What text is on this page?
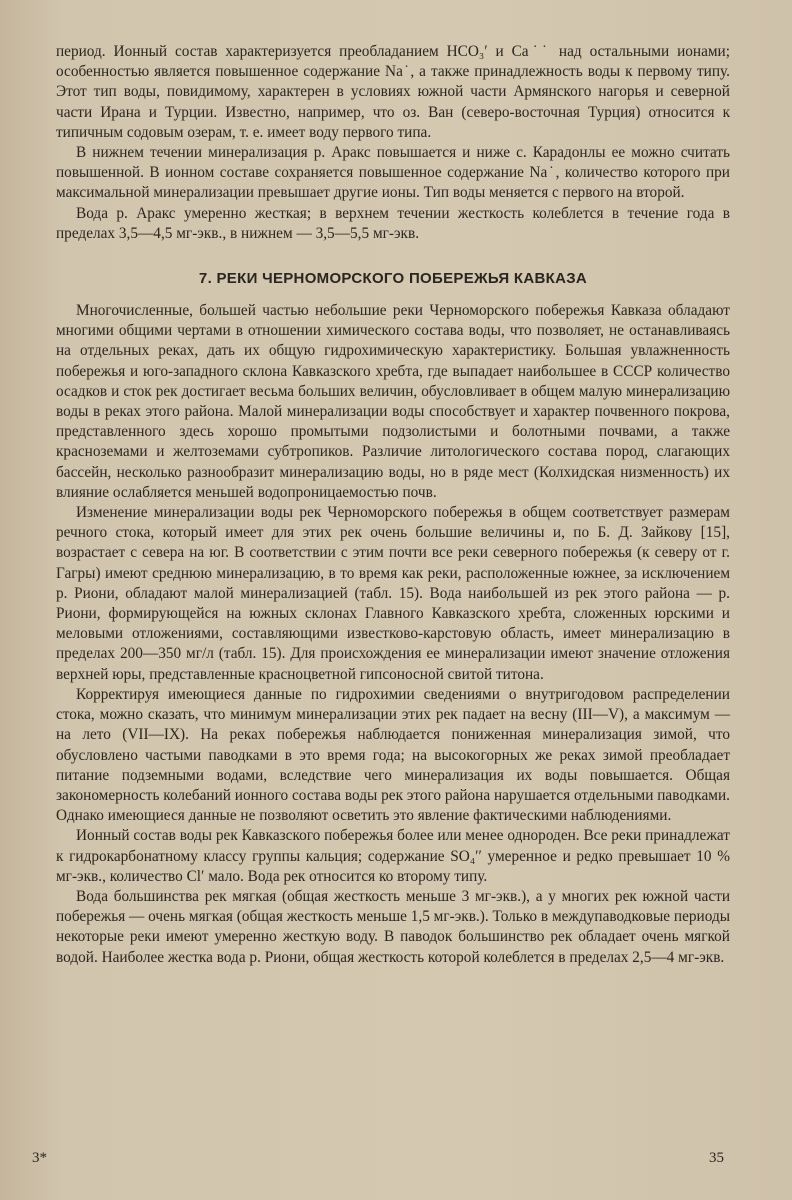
период. Ионный состав характеризуется преобладанием HCO₃′ и Ca˙˙ над остальными ионами; особенностью является повышенное содержание Na˙, а также принадлежность воды к первому типу. Этот тип воды, повидимому, характерен в условиях южной части Армянского нагорья и северной части Ирана и Турции. Известно, например, что оз. Ван (северо-восточная Турция) относится к типичным содовым озерам, т. е. имеет воду первого типа.

В нижнем течении минерализация р. Аракс повышается и ниже с. Карадонлы ее можно считать повышенной. В ионном составе сохраняется повышенное содержание Na˙, количество которого при максимальной минерализации превышает другие ионы. Тип воды меняется с первого на второй.

Вода р. Аракс умеренно жесткая; в верхнем течении жесткость колеблется в течение года в пределах 3,5—4,5 мг-экв., в нижнем — 3,5—5,5 мг-экв.

7. РЕКИ ЧЕРНОМОРСКОГО ПОБЕРЕЖЬЯ КАВКАЗА

Многочисленные, большей частью небольшие реки Черноморского побережья Кавказа обладают многими общими чертами в отношении химического состава воды, что позволяет, не останавливаясь на отдельных реках, дать их общую гидрохимическую характеристику. Большая увлажненность побережья и юго-западного склона Кавказского хребта, где выпадает наибольшее в СССР количество осадков и сток рек достигает весьма больших величин, обусловливает в общем малую минерализацию воды в реках этого района. Малой минерализации воды способствует и характер почвенного покрова, представленного здесь хорошо промытыми подзолистыми и болотными почвами, а также красноземами и желтоземами субтропиков. Различие литологического состава пород, слагающих бассейн, несколько разнообразит минерализацию воды, но в ряде мест (Колхидская низменность) их влияние ослабляется меньшей водопроницаемостью почв.

Изменение минерализации воды рек Черноморского побережья в общем соответствует размерам речного стока, который имеет для этих рек очень большие величины и, по Б. Д. Зайкову [15], возрастает с севера на юг. В соответствии с этим почти все реки северного побережья (к северу от г. Гагры) имеют среднюю минерализацию, в то время как реки, расположенные южнее, за исключением р. Риони, обладают малой минерализацией (табл. 15). Вода наибольшей из рек этого района — р. Риони, формирующейся на южных склонах Главного Кавказского хребта, сложенных юрскими и меловыми отложениями, составляющими известково-карстовую область, имеет минерализацию в пределах 200—350 мг/л (табл. 15). Для происхождения ее минерализации имеют значение отложения верхней юры, представленные красноцветной гипсоносной свитой титона.

Корректируя имеющиеся данные по гидрохимии сведениями о внутригодовом распределении стока, можно сказать, что минимум минерализации этих рек падает на весну (III—V), а максимум — на лето (VII—IX). На реках побережья наблюдается пониженная минерализация зимой, что обусловлено частыми паводками в это время года; на высокогорных же реках зимой преобладает питание подземными водами, вследствие чего минерализация их воды повышается. Общая закономерность колебаний ионного состава воды рек этого района нарушается отдельными паводками. Однако имеющиеся данные не позволяют осветить это явление фактическими наблюдениями.

Ионный состав воды рек Кавказского побережья более или менее однороден. Все реки принадлежат к гидрокарбонатному классу группы кальция; содержание SO₄′′ умеренное и редко превышает 10 % мг-экв., количество Cl′ мало. Вода рек относится ко второму типу.

Вода большинства рек мягкая (общая жесткость меньше 3 мг-экв.), а у многих рек южной части побережья — очень мягкая (общая жесткость меньше 1,5 мг-экв.). Только в междупаводковые периоды некоторые реки имеют умеренно жесткую воду. В паводок большинство рек обладает очень мягкой водой. Наиболее жестка вода р. Риони, общая жесткость которой колеблется в пределах 2,5—4 мг-экв.

3*	35
